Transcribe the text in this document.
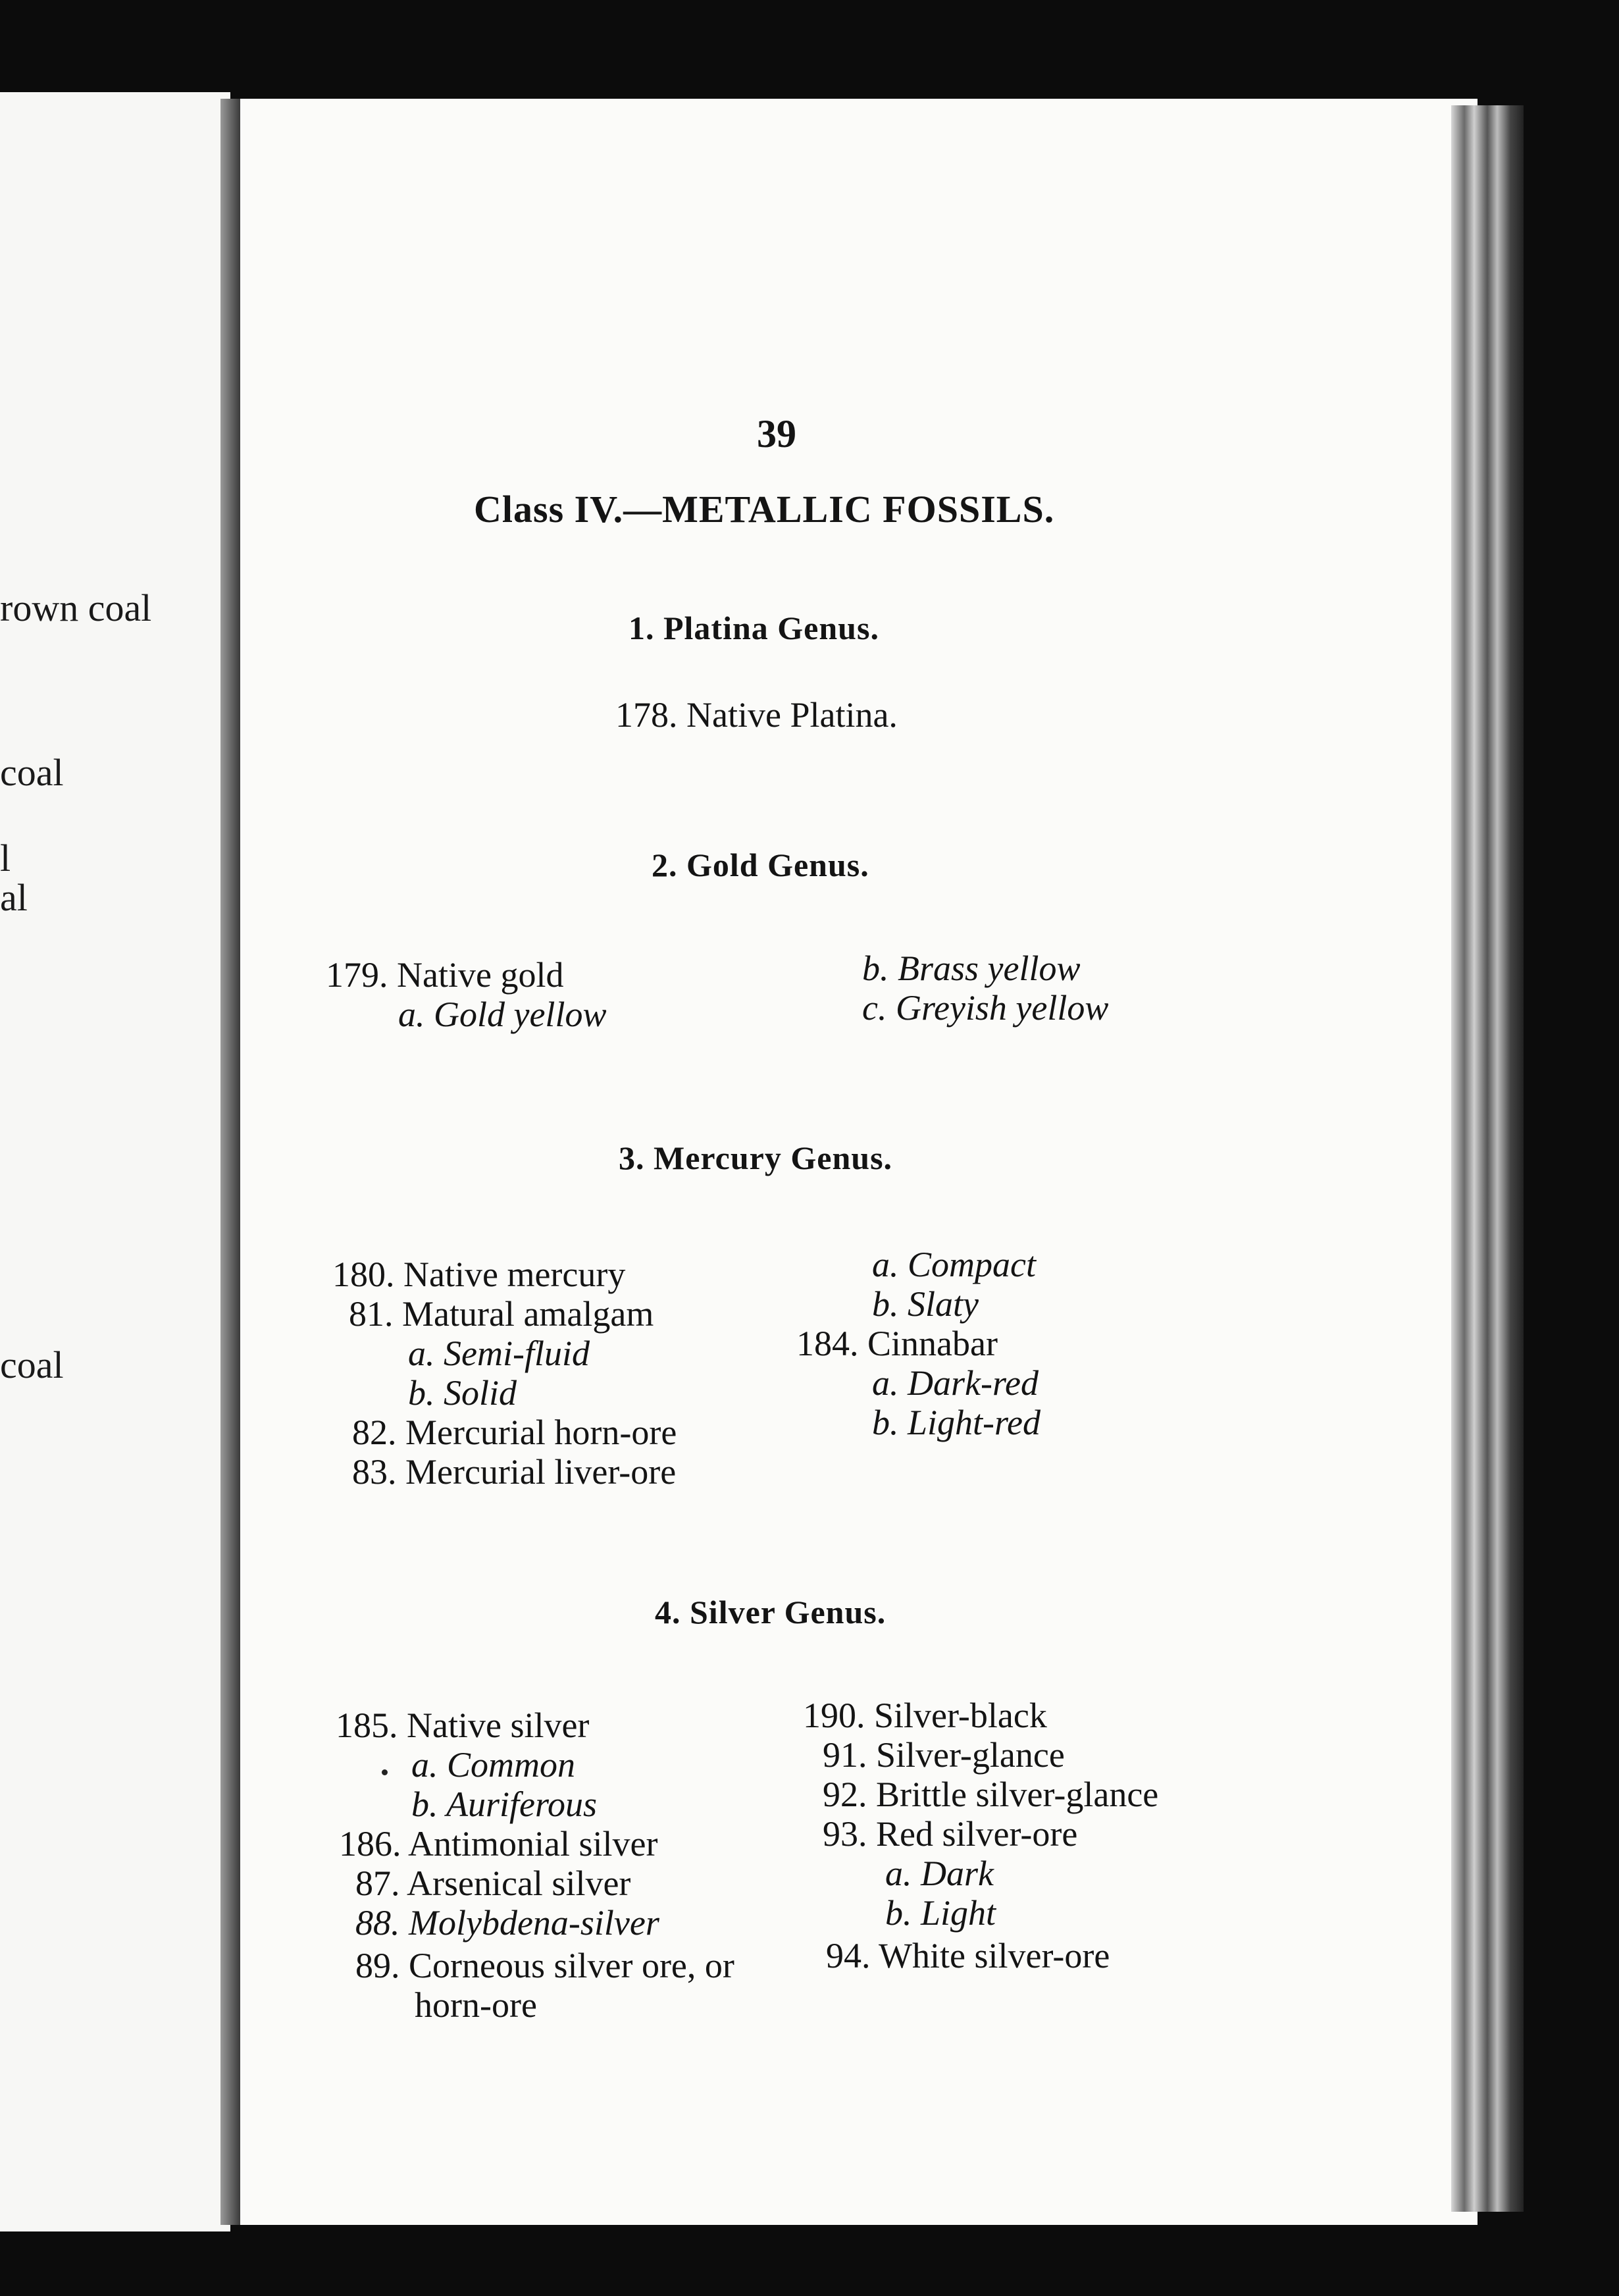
rown coal
coal
l
al
coal
39
Class IV.—METALLIC FOSSILS.
1. Platina Genus.
178. Native Platina.
2. Gold Genus.
179. Native gold
a. Gold yellow
b. Brass yellow
c. Greyish yellow
3. Mercury Genus.
180. Native mercury
81. Matural amalgam
a. Semi-fluid
b. Solid
82. Mercurial horn-ore
83. Mercurial liver-ore
a. Compact
b. Slaty
184. Cinnabar
a. Dark-red
b. Light-red
4. Silver Genus.
185. Native silver
a. Common
b. Auriferous
186. Antimonial silver
87. Arsenical silver
88. Molybdena-silver
89. Corneous silver ore, or
horn-ore
190. Silver-black
91. Silver-glance
92. Brittle silver-glance
93. Red silver-ore
a. Dark
b. Light
94. White silver-ore
